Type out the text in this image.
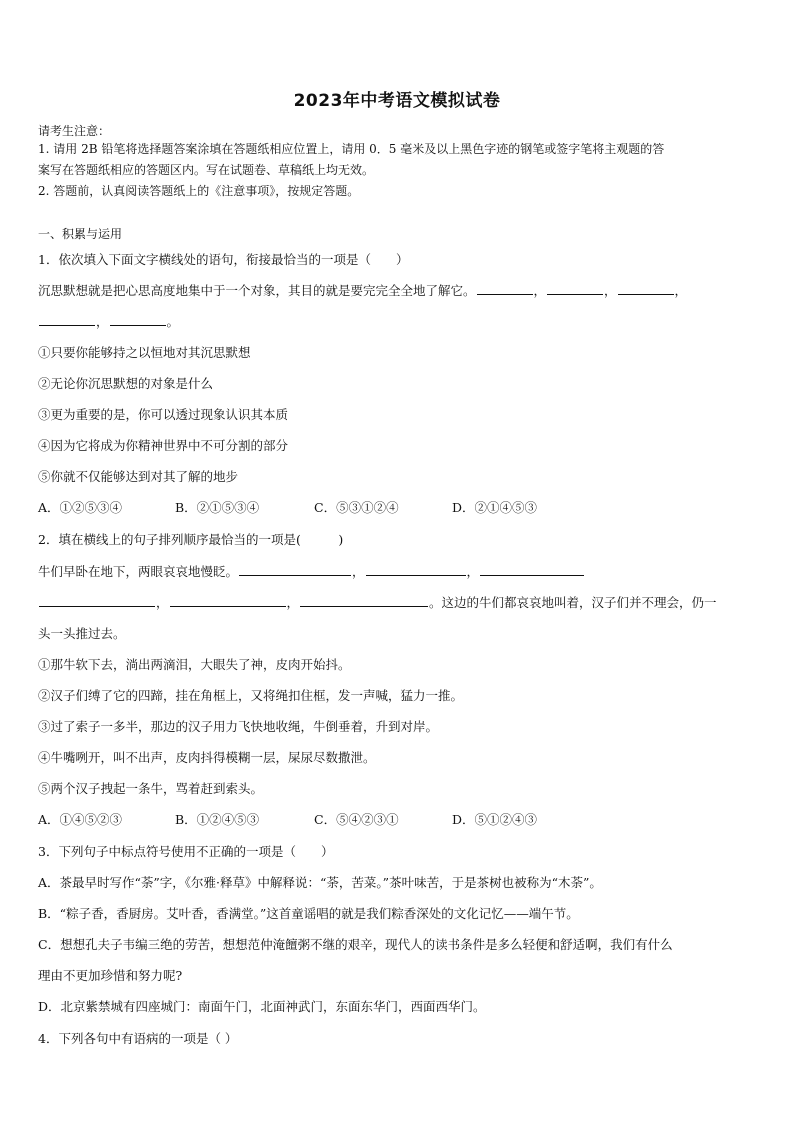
2023年中考语文模拟试卷
请考生注意：
1. 请用 2B 铅笔将选择题答案涂填在答题纸相应位置上，请用 0．5 毫米及以上黑色字迹的钢笔或签字笔将主观题的答
案写在答题纸相应的答题区内。写在试题卷、草稿纸上均无效。
2. 答题前，认真阅读答题纸上的《注意事项》，按规定答题。
一、积累与运用
1．依次填入下面文字横线处的语句，衔接最恰当的一项是（　　）
沉思默想就是把心思高度地集中于一个对象，其目的就是要完完全全地了解它。	，	，	，
，	。
①只要你能够持之以恒地对其沉思默想
②无论你沉思默想的对象是什么
③更为重要的是，你可以透过现象认识其本质
④因为它将成为你精神世界中不可分割的部分
⑤你就不仅能够达到对其了解的地步
A．①②⑤③④	B．②①⑤③④	C．⑤③①②④	D．②①④⑤③
2．填在横线上的句子排列顺序最恰当的一项是(　　　)
牛们早卧在地下，两眼哀哀地慢眨。	，	，
，	，	。这边的牛们都哀哀地叫着，汉子们并不理会，仍一
头一头推过去。
①那牛软下去，淌出两滴泪，大眼失了神，皮肉开始抖。
②汉子们缚了它的四蹄，挂在角框上，又将绳扣住框，发一声喊，猛力一推。
③过了索子一多半，那边的汉子用力飞快地收绳，牛倒垂着，升到对岸。
④牛嘴咧开，叫不出声，皮肉抖得模糊一层，屎尿尽数撒泄。
⑤两个汉子拽起一条牛，骂着赶到索头。
A．①④⑤②③	B．①②④⑤③	C．⑤④②③①	D．⑤①②④③
3．下列句子中标点符号使用不正确的一项是（　　）
A．茶最早时写作“荼”字，《尔雅·释草》中解释说：“荼，苦菜。”茶叶味苦，于是茶树也被称为“木荼”。
B．“粽子香，香厨房。艾叶香，香满堂。”这首童谣唱的就是我们粽香深处的文化记忆——端午节。
C．想想孔夫子韦编三绝的劳苦，想想范仲淹饘粥不继的艰辛，现代人的读书条件是多么轻便和舒适啊，我们有什么
理由不更加珍惜和努力呢?
D．北京紫禁城有四座城门：南面午门，北面神武门，东面东华门，西面西华门。
4．下列各句中有语病的一项是（ ）
